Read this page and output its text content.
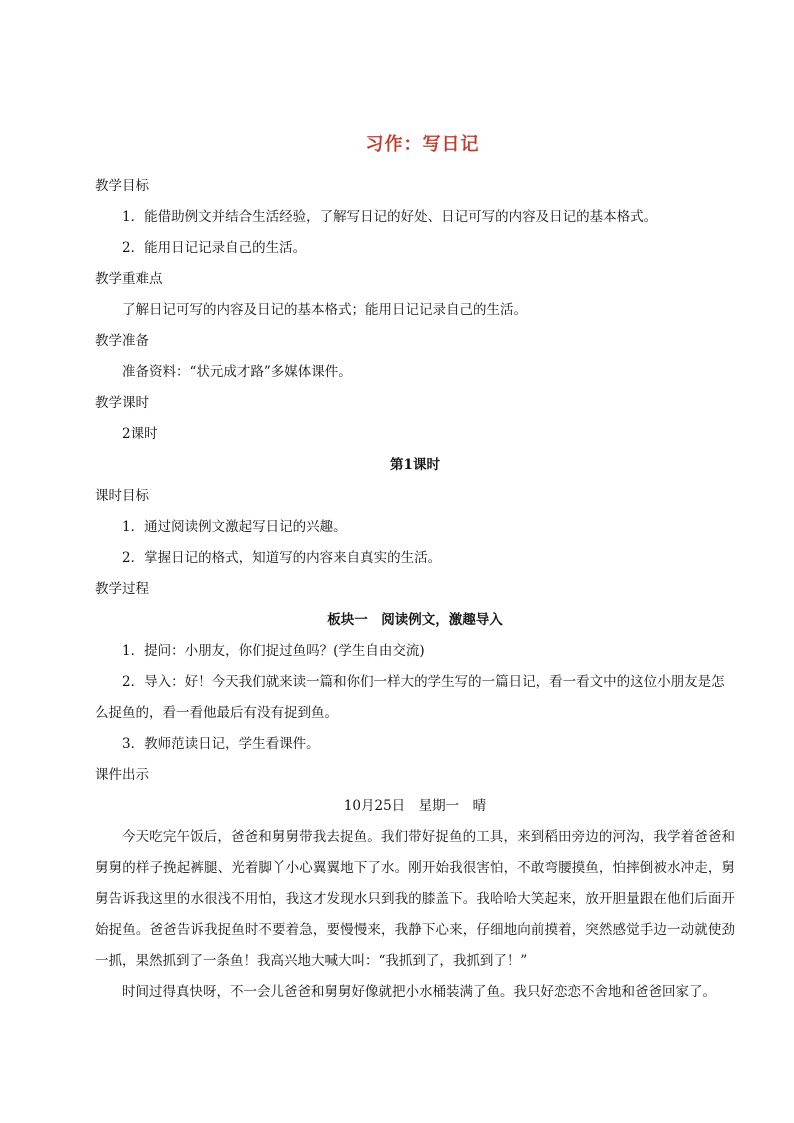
习作：写日记
教学目标
1．能借助例文并结合生活经验，了解写日记的好处、日记可写的内容及日记的基本格式。
2．能用日记记录自己的生活。
教学重难点
了解日记可写的内容及日记的基本格式；能用日记记录自己的生活。
教学准备
准备资料：“状元成才路”多媒体课件。
教学课时
2课时
第1课时
课时目标
1．通过阅读例文激起写日记的兴趣。
2．掌握日记的格式，知道写的内容来自真实的生活。
教学过程
板块一　阅读例文，激趣导入
1．提问：小朋友，你们捉过鱼吗？(学生自由交流)
2．导入：好！今天我们就来读一篇和你们一样大的学生写的一篇日记，看一看文中的这位小朋友是怎么捉鱼的，看一看他最后有没有捉到鱼。
3．教师范读日记，学生看课件。
课件出示
10月25日　星期一　晴
今天吃完午饭后，爸爸和舅舅带我去捉鱼。我们带好捉鱼的工具，来到稻田旁边的河沟，我学着爸爸和舅舅的样子挽起裤腿、光着脚丫小心翼翼地下了水。刚开始我很害怕，不敢弯腰摸鱼，怕摔倒被水冲走，舅舅告诉我这里的水很浅不用怕，我这才发现水只到我的膝盖下。我哈哈大笑起来，放开胆量跟在他们后面开始捉鱼。爸爸告诉我捉鱼时不要着急，要慢慢来，我静下心来，仔细地向前摸着，突然感觉手边一动就使劲一抓，果然抓到了一条鱼！我高兴地大喊大叫：“我抓到了，我抓到了！”
时间过得真快呀，不一会儿爸爸和舅舅好像就把小水桶装满了鱼。我只好恋恋不舍地和爸爸回家了。
